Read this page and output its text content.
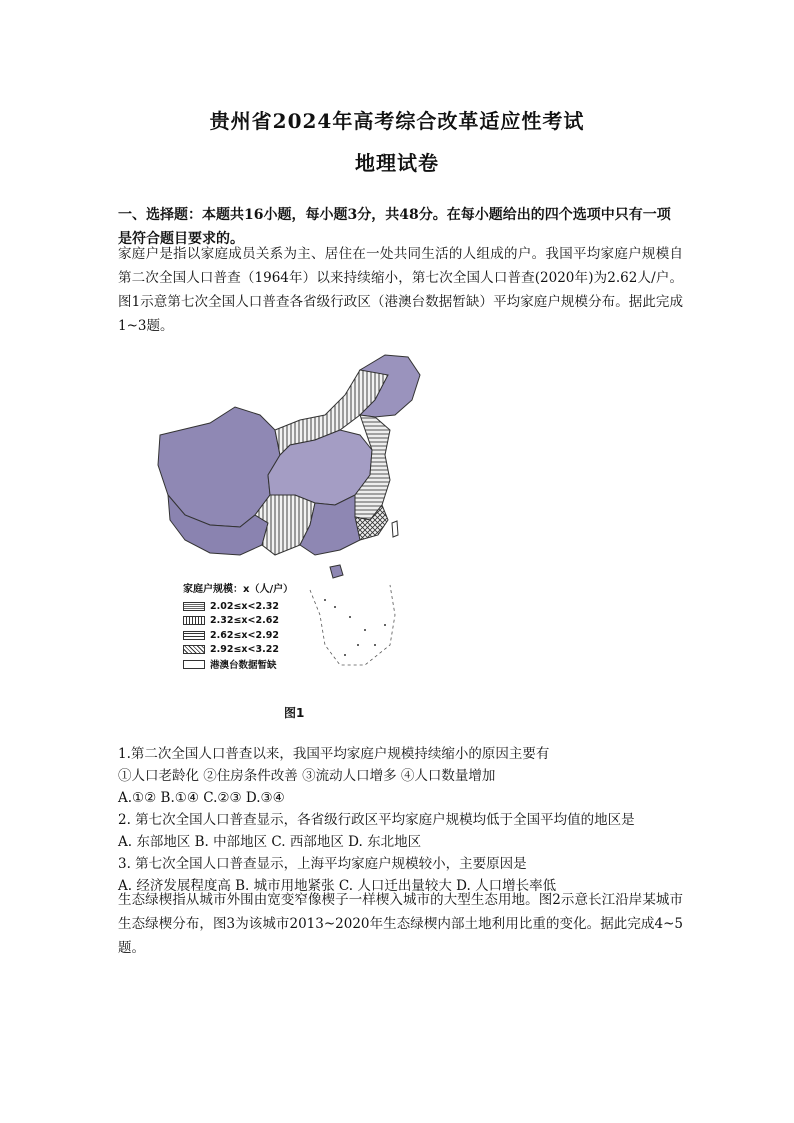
贵州省2024年高考综合改革适应性考试
地理试卷
一、选择题：本题共16小题，每小题3分，共48分。在每小题给出的四个选项中只有一项是符合题目要求的。
家庭户是指以家庭成员关系为主、居住在一处共同生活的人组成的户。我国平均家庭户规模自第二次全国人口普查（1964年）以来持续缩小，第七次全国人口普查(2020年)为2.62人/户。图1示意第七次全国人口普查各省级行政区（港澳台数据暂缺）平均家庭户规模分布。据此完成1~3题。
家庭户规模：x（人/户）
2.02≤x<2.32
2.32≤x<2.62
2.62≤x<2.92
2.92≤x<3.22
港澳台数据暂缺
图1
1.第二次全国人口普查以来，我国平均家庭户规模持续缩小的原因主要有
①人口老龄化 ②住房条件改善 ③流动人口增多 ④人口数量增加
A.①② B.①④ C.②③ D.③④
2. 第七次全国人口普查显示，各省级行政区平均家庭户规模均低于全国平均值的地区是
A. 东部地区 B. 中部地区 C. 西部地区 D. 东北地区
3. 第七次全国人口普查显示，上海平均家庭户规模较小，主要原因是
A. 经济发展程度高 B. 城市用地紧张 C. 人口迁出量较大 D. 人口增长率低
生态绿楔指从城市外围由宽变窄像楔子一样楔入城市的大型生态用地。图2示意长江沿岸某城市生态绿楔分布，图3为该城市2013~2020年生态绿楔内部土地利用比重的变化。据此完成4~5题。
